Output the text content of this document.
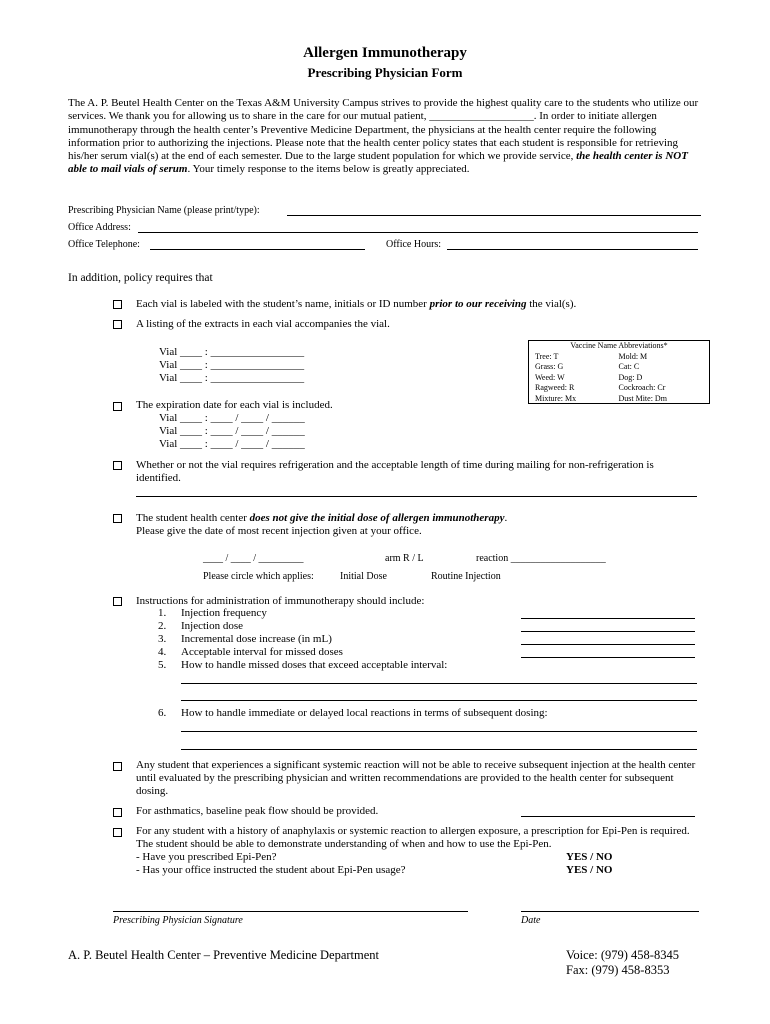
Allergen Immunotherapy
Prescribing Physician Form
The A. P. Beutel Health Center on the Texas A&M University Campus strives to provide the highest quality care to the students who utilize our services. We thank you for allowing us to share in the care for our mutual patient, ___________________. In order to initiate allergen immunotherapy through the health center’s Preventive Medicine Department, the physicians at the health center require the following information prior to authorizing the injections. Please note that the health center policy states that each student is responsible for retrieving his/her serum vial(s) at the end of each semester. Due to the large student population for which we provide service, the health center is NOT able to mail vials of serum. Your timely response to the items below is greatly appreciated.
Prescribing Physician Name (please print/type):
Office Address:
Office Telephone:	Office Hours:
In addition, policy requires that
Each vial is labeled with the student’s name, initials or ID number prior to our receiving the vial(s).
A listing of the extracts in each vial accompanies the vial.
Vial ____ : _________________
Vial ____ : _________________
Vial ____ : _________________
Vaccine Name Abbreviations*
Tree: T	Mold: M
Grass: G	Cat: C
Weed: W	Dog: D
Ragweed: R	Cockroach: Cr
Mixture: Mx	Dust Mite: Dm
The expiration date for each vial is included.
Vial ____ : ____ / ____ / ______
Vial ____ : ____ / ____ / ______
Vial ____ : ____ / ____ / ______
Whether or not the vial requires refrigeration and the acceptable length of time during mailing for non-refrigeration is identified.
The student health center does not give the initial dose of allergen immunotherapy.
Please give the date of most recent injection given at your office.
____ / ____ / _________	arm R / L	reaction ___________________
Please circle which applies:	Initial Dose	Routine Injection
Instructions for administration of immunotherapy should include:
1. Injection frequency
2. Injection dose
3. Incremental dose increase (in mL)
4. Acceptable interval for missed doses
5. How to handle missed doses that exceed acceptable interval:
6. How to handle immediate or delayed local reactions in terms of subsequent dosing:
Any student that experiences a significant systemic reaction will not be able to receive subsequent injection at the health center until evaluated by the prescribing physician and written recommendations are provided to the health center for subsequent dosing.
For asthmatics, baseline peak flow should be provided.
For any student with a history of anaphylaxis or systemic reaction to allergen exposure, a prescription for Epi-Pen is required. The student should be able to demonstrate understanding of when and how to use the Epi-Pen.
- Have you prescribed Epi-Pen?	YES / NO
- Has your office instructed the student about Epi-Pen usage?	YES / NO
Prescribing Physician Signature	Date
A. P. Beutel Health Center – Preventive Medicine Department	Voice: (979) 458-8345
Fax: (979) 458-8353
